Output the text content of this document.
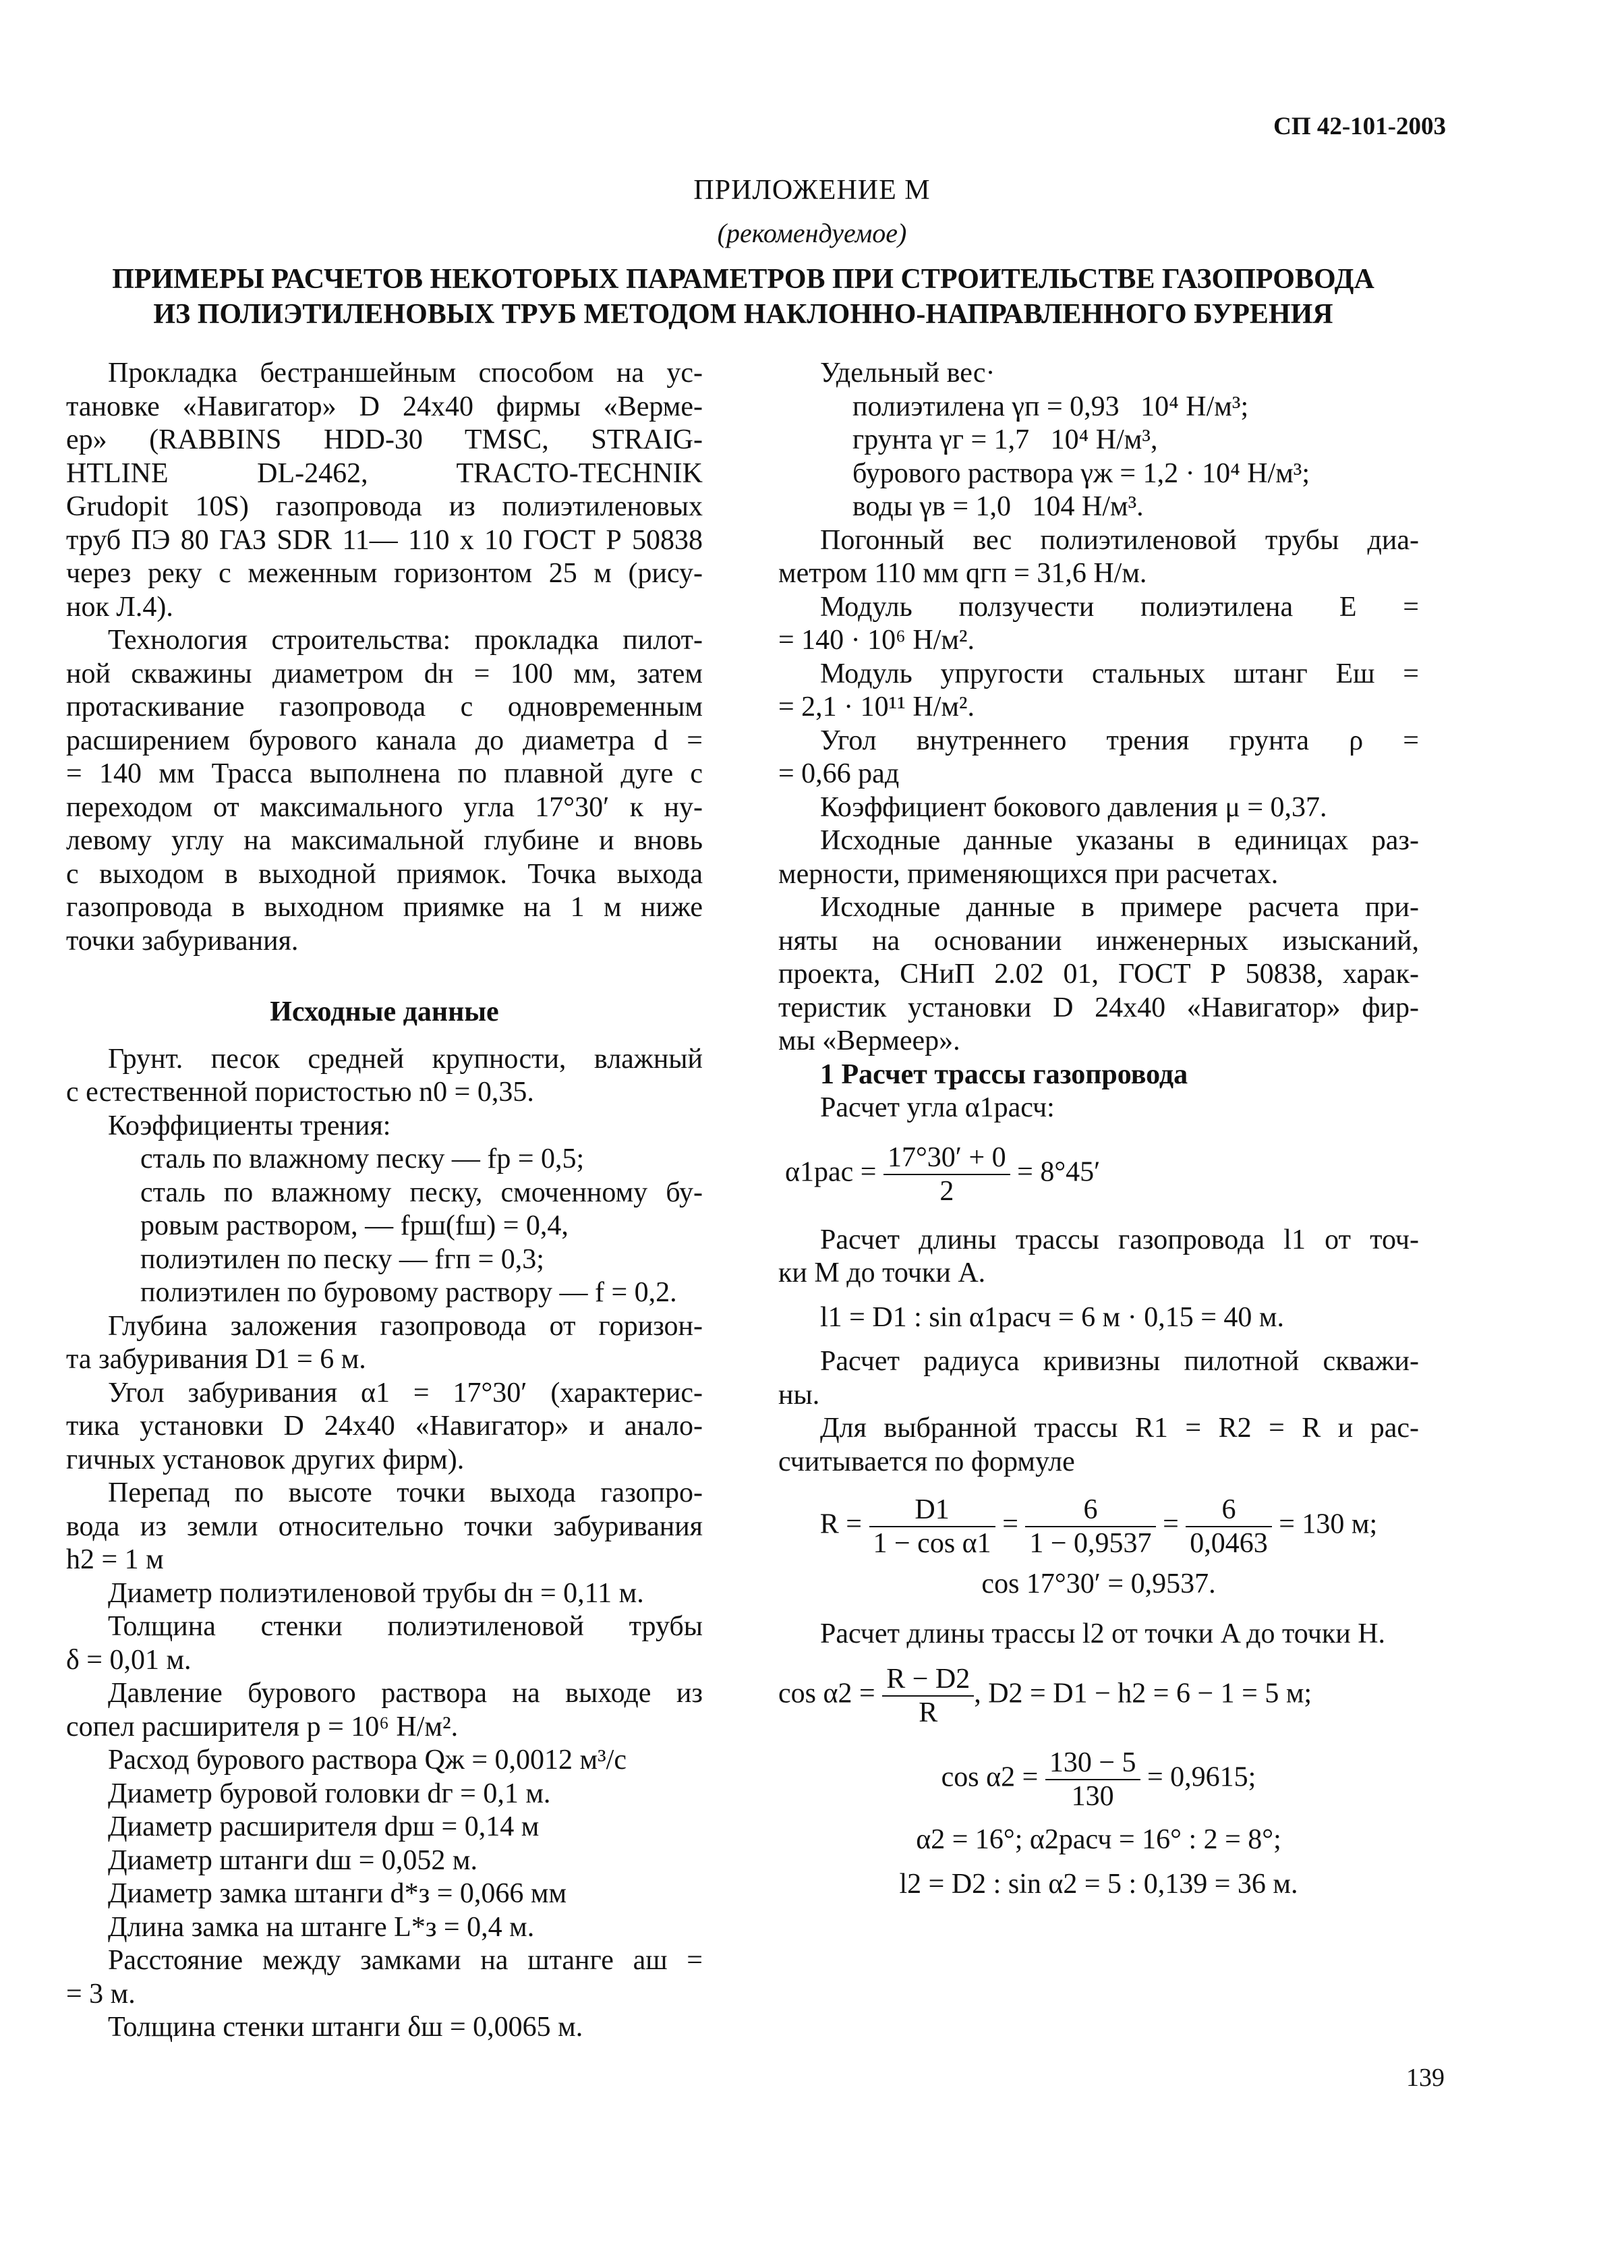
СП 42-101-2003
ПРИЛОЖЕНИЕ М
(рекомендуемое)
ПРИМЕРЫ РАСЧЕТОВ НЕКОТОРЫХ ПАРАМЕТРОВ ПРИ СТРОИТЕЛЬСТВЕ ГАЗОПРОВОДА
ИЗ ПОЛИЭТИЛЕНОВЫХ ТРУБ МЕТОДОМ НАКЛОННО-НАПРАВЛЕННОГО БУРЕНИЯ
Прокладка бестраншейным способом на ус-
тановке «Навигатор» D 24x40 фирмы «Верме-
ер» (RABBINS HDD-30 TMSC, STRAIG-
HTLINE DL-2462, TRACTO-TECHNIK
Grudopit 10S) газопровода из полиэтиленовых
труб ПЭ 80 ГАЗ SDR 11— 110 x 10 ГОСТ Р 50838
через реку с меженным горизонтом 25 м (рису-
нок Л.4).
Технология строительства: прокладка пилот-
ной скважины диаметром dн = 100 мм, затем
протаскивание газопровода с одновременным
расширением бурового канала до диаметра d =
= 140 мм Трасса выполнена по плавной дуге с
переходом от максимального угла 17°30′ к ну-
левому углу на максимальной глубине и вновь
с выходом в выходной приямок. Точка выхода
газопровода в выходном приямке на 1 м ниже
точки забуривания.
Исходные данные
Грунт. песок средней крупности, влажный
с естественной пористостью n0 = 0,35.
Коэффициенты трения:
сталь по влажному песку — fp = 0,5;
сталь по влажному песку, смоченному бу-
ровым раствором, — fрш(fш) = 0,4,
полиэтилен по песку — fгп = 0,3;
полиэтилен по буровому раствору — f = 0,2.
Глубина заложения газопровода от горизон-
та забуривания D1 = 6 м.
Угол забуривания α1 = 17°30′ (характерис-
тика установки D 24x40 «Навигатор» и анало-
гичных установок других фирм).
Перепад по высоте точки выхода газопро-
вода из земли относительно точки забуривания
h2 = 1 м
Диаметр полиэтиленовой трубы dн = 0,11 м.
Толщина стенки полиэтиленовой трубы
δ = 0,01 м.
Давление бурового раствора на выходе из
сопел расширителя p = 10⁶ Н/м².
Расход бурового раствора Qж = 0,0012 м³/с
Диаметр буровой головки dг = 0,1 м.
Диаметр расширителя dрш = 0,14 м
Диаметр штанги dш = 0,052 м.
Диаметр замка штанги d*з = 0,066 мм
Длина замка на штанге L*з = 0,4 м.
Расстояние между замками на штанге aш =
= 3 м.
Толщина стенки штанги δш = 0,0065 м.
Удельный вес·
полиэтилена γп = 0,93   10⁴ Н/м³;
грунта γг = 1,7   10⁴ Н/м³,
бурового раствора γж = 1,2 · 10⁴ Н/м³;
воды γв = 1,0   104 Н/м³.
Погонный вес полиэтиленовой трубы диа-
метром 110 мм qгп = 31,6 Н/м.
Модуль ползучести полиэтилена E =
= 140 · 10⁶ Н/м².
Модуль упругости стальных штанг Eш =
= 2,1 · 10¹¹ Н/м².
Угол внутреннего трения грунта ρ =
= 0,66 рад
Коэффициент бокового давления μ = 0,37.
Исходные данные указаны в единицах раз-
мерности, применяющихся при расчетах.
Исходные данные в примере расчета при-
няты на основании инженерных изысканий,
проекта, СНиП 2.02 01, ГОСТ Р 50838, харак-
теристик установки D 24x40 «Навигатор» фир-
мы «Вермеер».
1 Расчет трассы газопровода
Расчет угла α1расч:
$\alpha 1рас = \frac{17^\circ 30' + 0}{2} = 8^\circ 45'$
Расчет длины трассы газопровода l1 от точ-
ки M до точки A.
l1 = D1 : sin α1расч = 6 м · 0,15 = 40 м.
Расчет радиуса кривизны пилотной скважи-
ны.
Для выбранной трассы R1 = R2 = R и рас-
считывается по формуле
$R = \frac{D1}{\text{1 − cos α1}} = \frac{6}{1 - 0,9537} = \frac{6}{0,0463} = 130$ м;
cos 17°30′ = 0,9537.
Расчет длины трассы l2 от точки A до точки H.
$\cos \alpha 2 = \frac{R - D2}{R}$ , D2 = D1 − h2 = 6 − 1 = 5 м;
$\cos \alpha 2 = \frac{130 - 5}{130} = 0,9615$;
α2 = 16°; α2расч = 16° : 2 = 8°;
l2 = D2 : sin α2 = 5 : 0,139 = 36 м.
139
